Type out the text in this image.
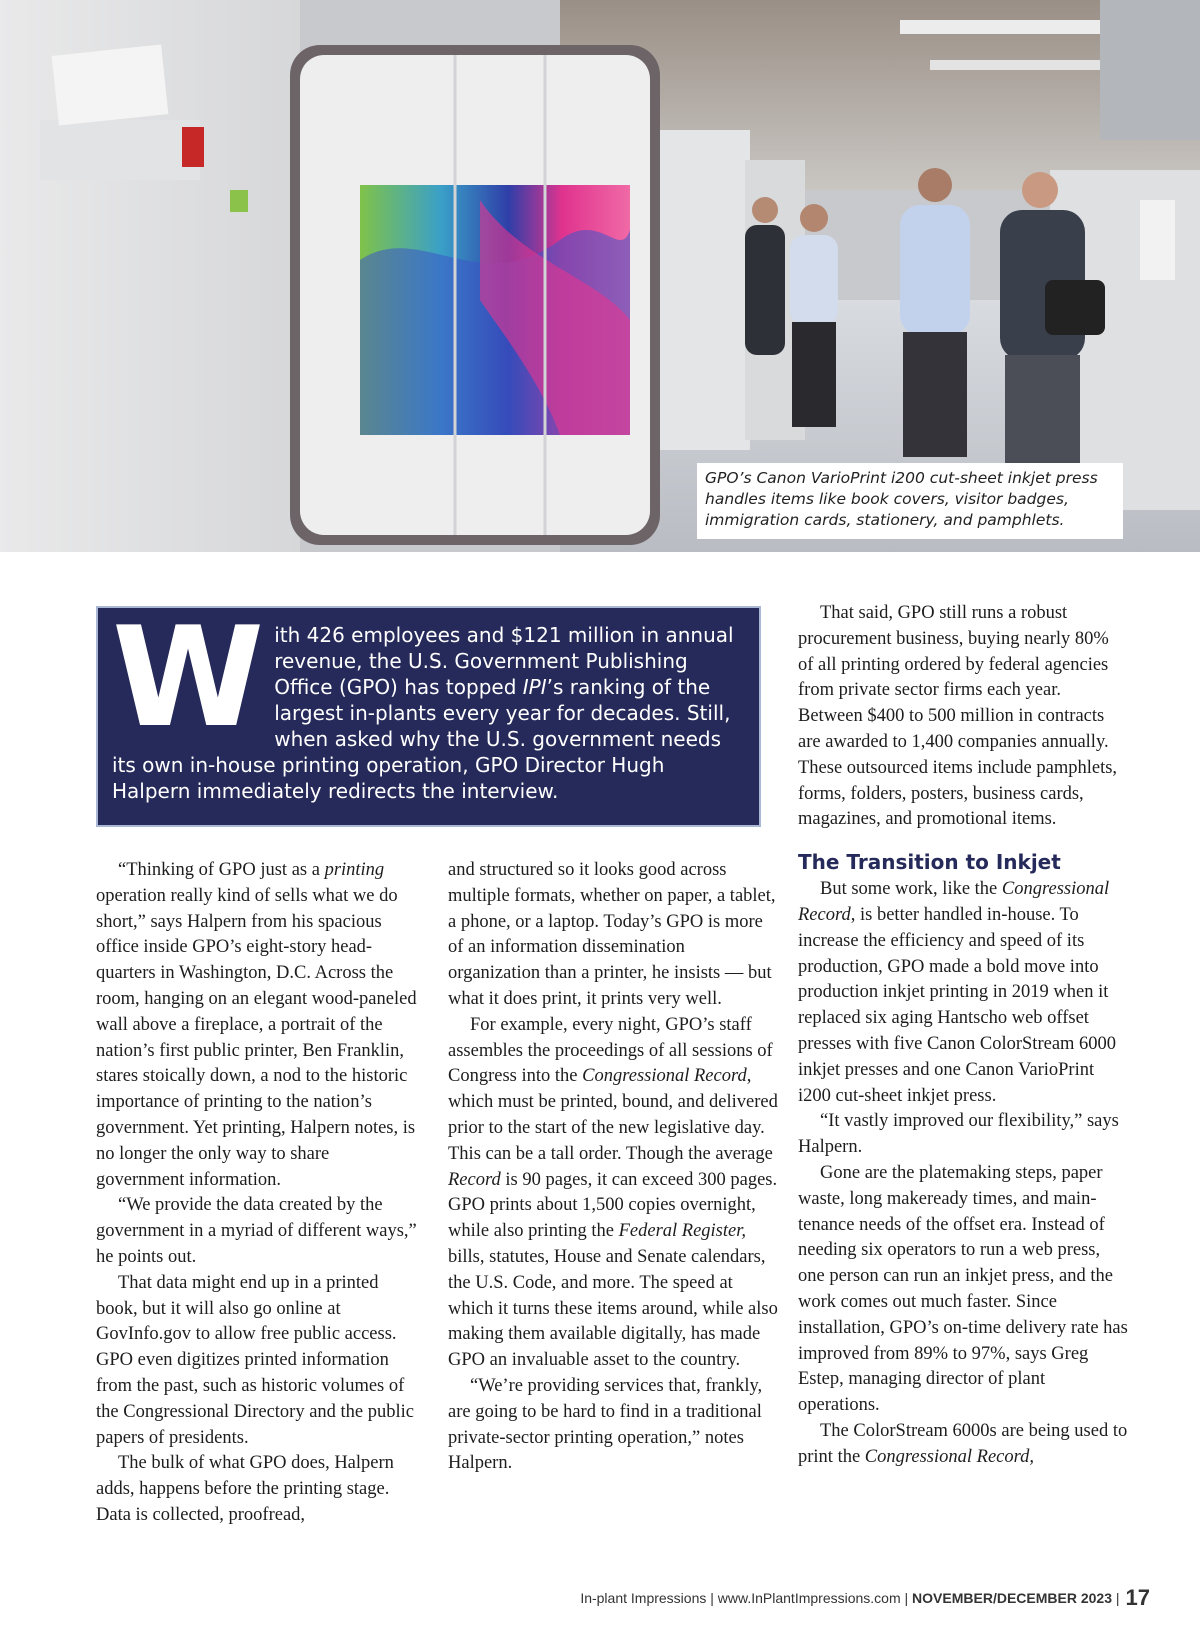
GPO’s Canon VarioPrint i200 cut-sheet inkjet press handles items like book covers, visitor badges, immigration cards, stationery, and pamphlets.
W ith 426 employees and $121 million in annual revenue, the U.S. Government Publishing Office (GPO) has topped IPI’s ranking of the largest in-plants every year for decades. Still, when asked why the U.S. government needs its own in-house printing operation, GPO Director Hugh Halpern immediately redirects the interview.

“Thinking of GPO just as a printing operation really kind of sells what we do short,” says Halpern from his spacious office inside GPO’s eight-story headquarters in Washington, D.C. Across the room, hanging on an elegant wood-paneled wall above a fireplace, a portrait of the nation’s first public printer, Ben Franklin, stares stoically down, a nod to the historic importance of printing to the nation’s government. Yet printing, Halpern notes, is no longer the only way to share government information.

“We provide the data created by the government in a myriad of different ways,” he points out.

That data might end up in a printed book, but it will also go online at GovInfo.gov to allow free public access. GPO even digitizes printed information from the past, such as historic volumes of the Congressional Directory and the public papers of presidents.

The bulk of what GPO does, Halpern adds, happens before the printing stage. Data is collected, proofread,

and structured so it looks good across multiple formats, whether on paper, a tablet, a phone, or a laptop. Today’s GPO is more of an information dissemination organization than a printer, he insists — but what it does print, it prints very well.

For example, every night, GPO’s staff assembles the proceedings of all sessions of Congress into the Congressional Record, which must be printed, bound, and delivered prior to the start of the new legislative day. This can be a tall order. Though the average Record is 90 pages, it can exceed 300 pages. GPO prints about 1,500 copies overnight, while also printing the Federal Register, bills, statutes, House and Senate calendars, the U.S. Code, and more. The speed at which it turns these items around, while also making them available digitally, has made GPO an invaluable asset to the country.

“We’re providing services that, frankly, are going to be hard to find in a traditional private-sector printing operation,” notes Halpern.

That said, GPO still runs a robust procurement business, buying nearly 80% of all printing ordered by federal agencies from private sector firms each year. Between $400 to 500 million in contracts are awarded to 1,400 companies annually. These outsourced items include pamphlets, forms, folders, posters, business cards, magazines, and promotional items.

The Transition to Inkjet

But some work, like the Congressional Record, is better handled in-house. To increase the efficiency and speed of its production, GPO made a bold move into production inkjet printing in 2019 when it replaced six aging Hantscho web offset presses with five Canon ColorStream 6000 inkjet presses and one Canon VarioPrint i200 cut-sheet inkjet press.

“It vastly improved our flexibility,” says Halpern.

Gone are the platemaking steps, paper waste, long makeready times, and maintenance needs of the offset era. Instead of needing six operators to run a web press, one person can run an inkjet press, and the work comes out much faster. Since installation, GPO’s on-time delivery rate has improved from 89% to 97%, says Greg Estep, managing director of plant operations.

The ColorStream 6000s are being used to print the Congressional Record,

In-plant Impressions | www.InPlantImpressions.com | NOVEMBER/DECEMBER 2023 | 17
